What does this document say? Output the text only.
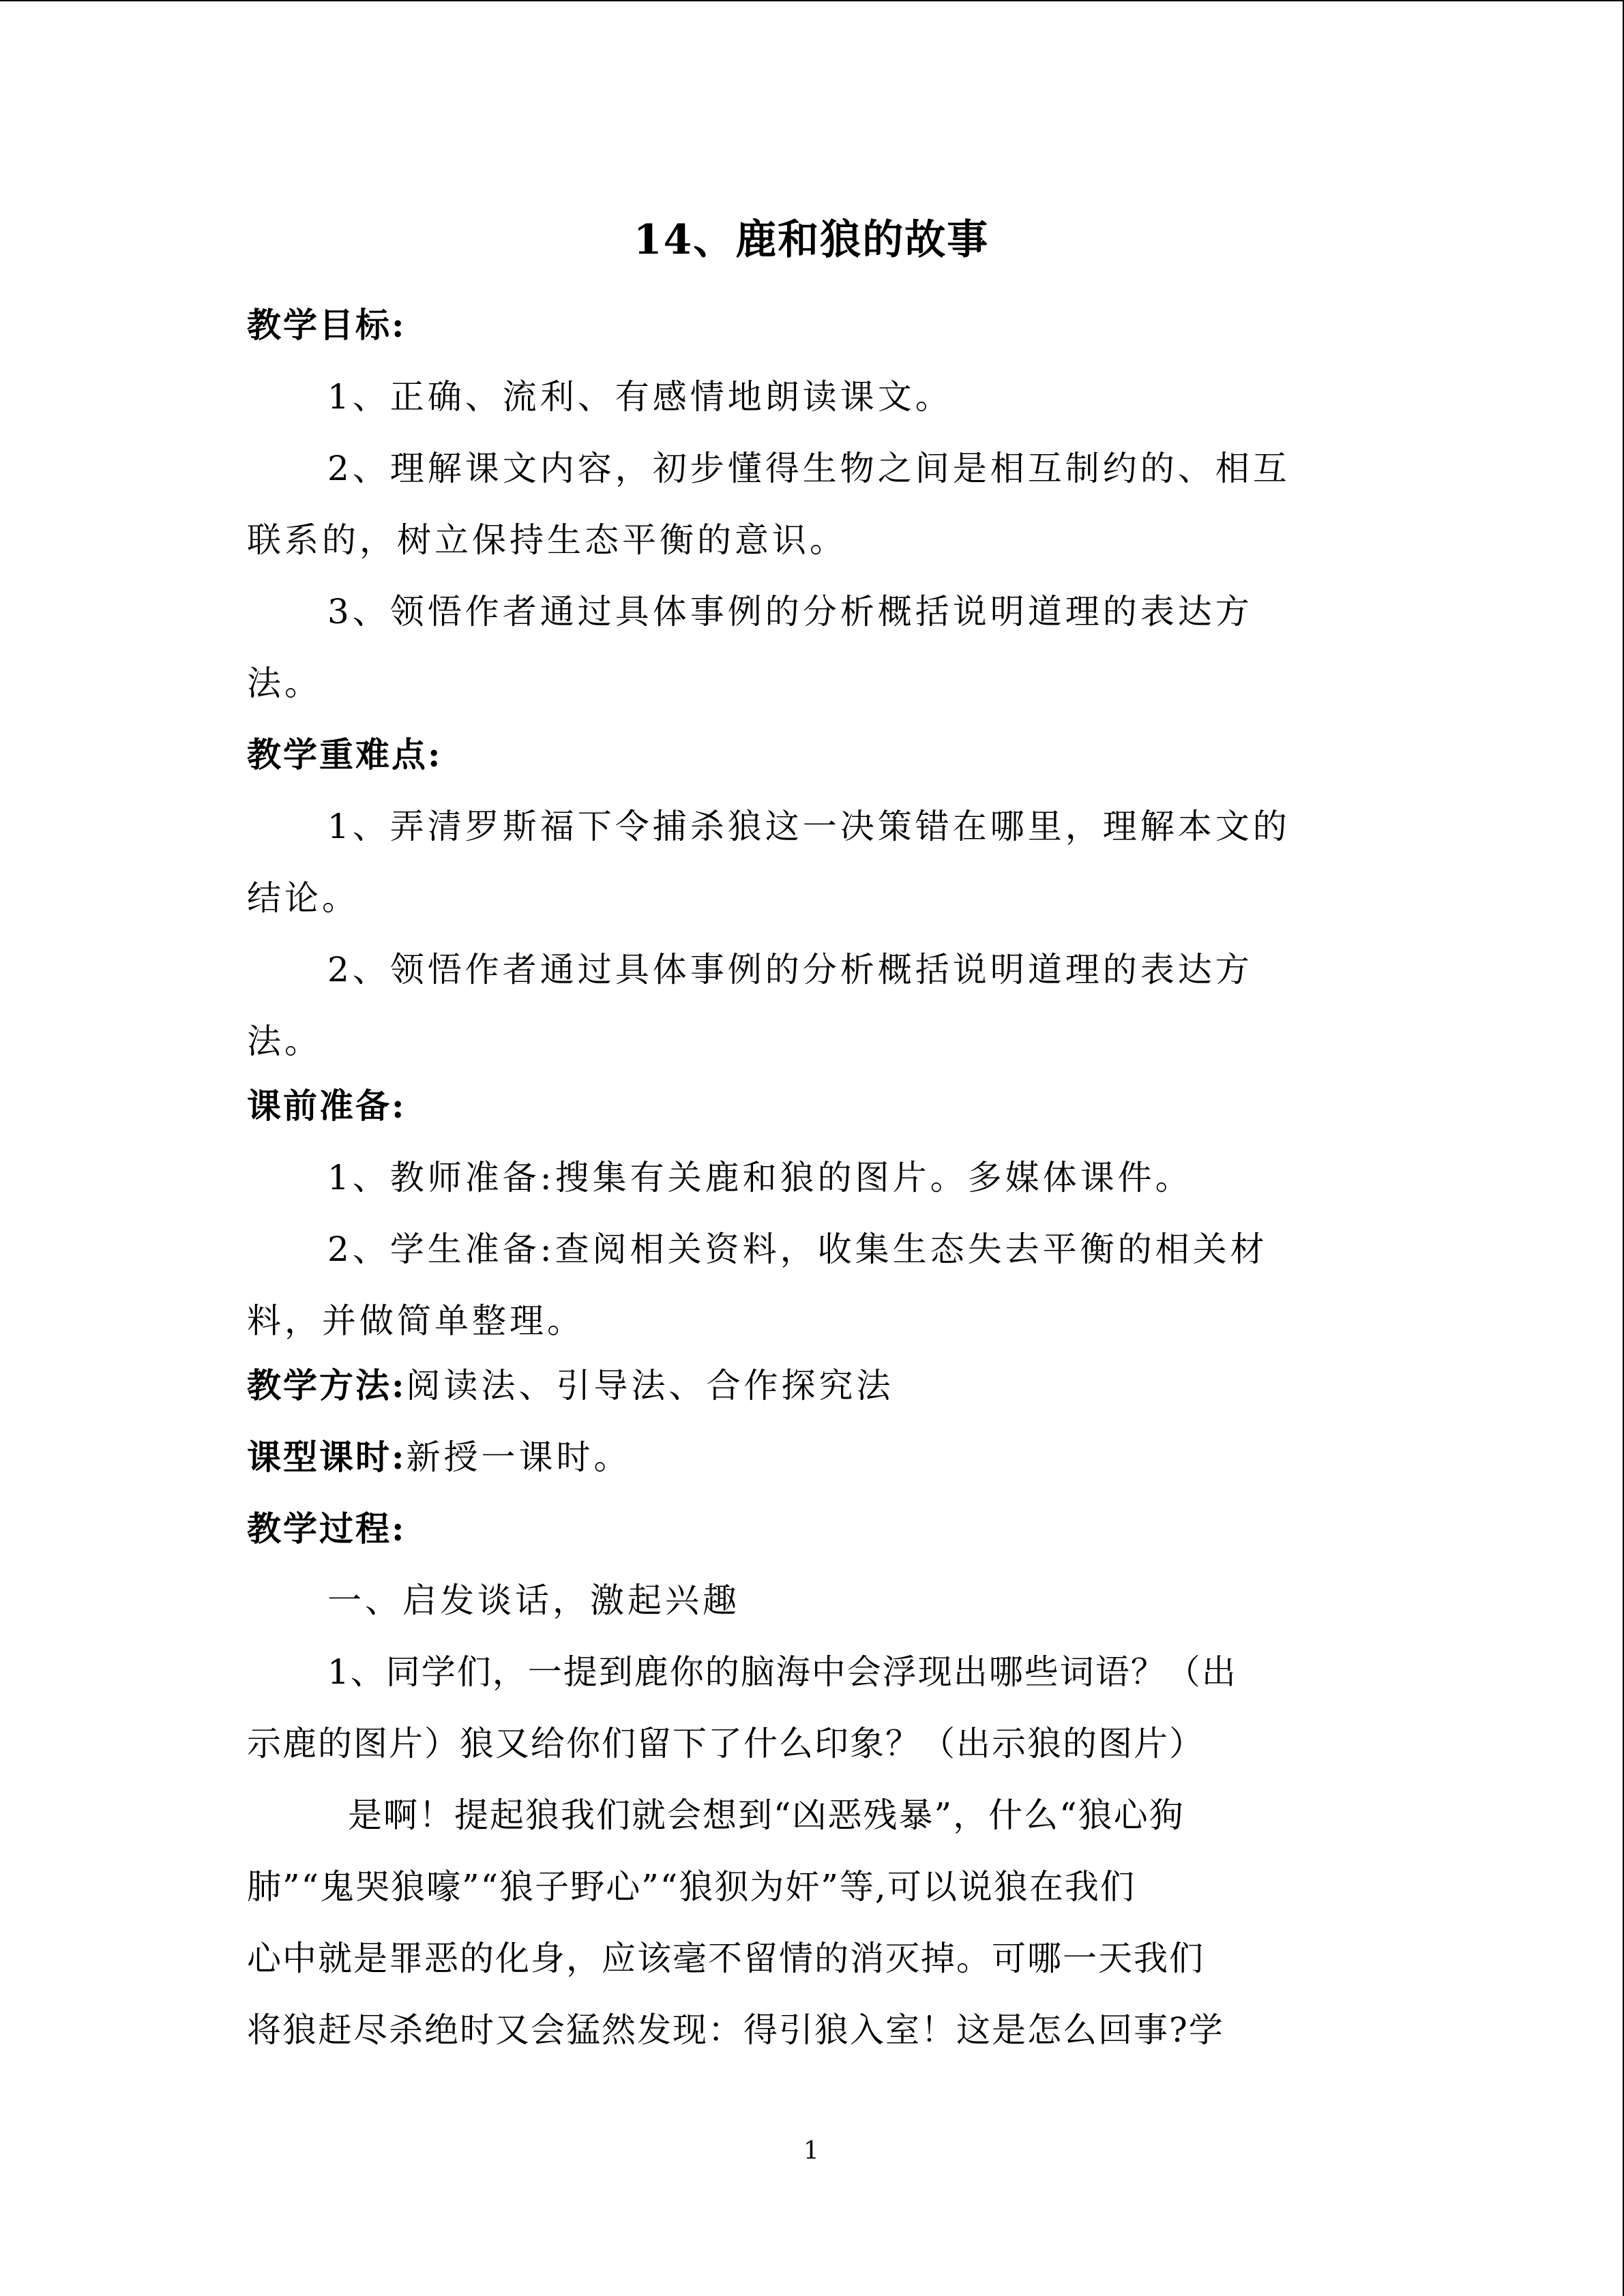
14、鹿和狼的故事
教学目标:
1、正确、流利、有感情地朗读课文。
2、理解课文内容，初步懂得生物之间是相互制约的、相互
联系的，树立保持生态平衡的意识。
3、领悟作者通过具体事例的分析概括说明道理的表达方
法。
教学重难点:
1、弄清罗斯福下令捕杀狼这一决策错在哪里，理解本文的
结论。
2、领悟作者通过具体事例的分析概括说明道理的表达方
法。
课前准备:
1、教师准备:搜集有关鹿和狼的图片。多媒体课件。
2、学生准备:查阅相关资料，收集生态失去平衡的相关材
料，并做简单整理。
教学方法:阅读法、引导法、合作探究法
课型课时:新授一课时。
教学过程:
一、启发谈话，激起兴趣
1、同学们，一提到鹿你的脑海中会浮现出哪些词语？（出
示鹿的图片）狼又给你们留下了什么印象？（出示狼的图片）
是啊！提起狼我们就会想到“凶恶残暴”，什么“狼心狗
肺”“鬼哭狼嚎”“狼子野心”“狼狈为奸”等,可以说狼在我们
心中就是罪恶的化身，应该毫不留情的消灭掉。可哪一天我们
将狼赶尽杀绝时又会猛然发现：得引狼入室！这是怎么回事?学
1
